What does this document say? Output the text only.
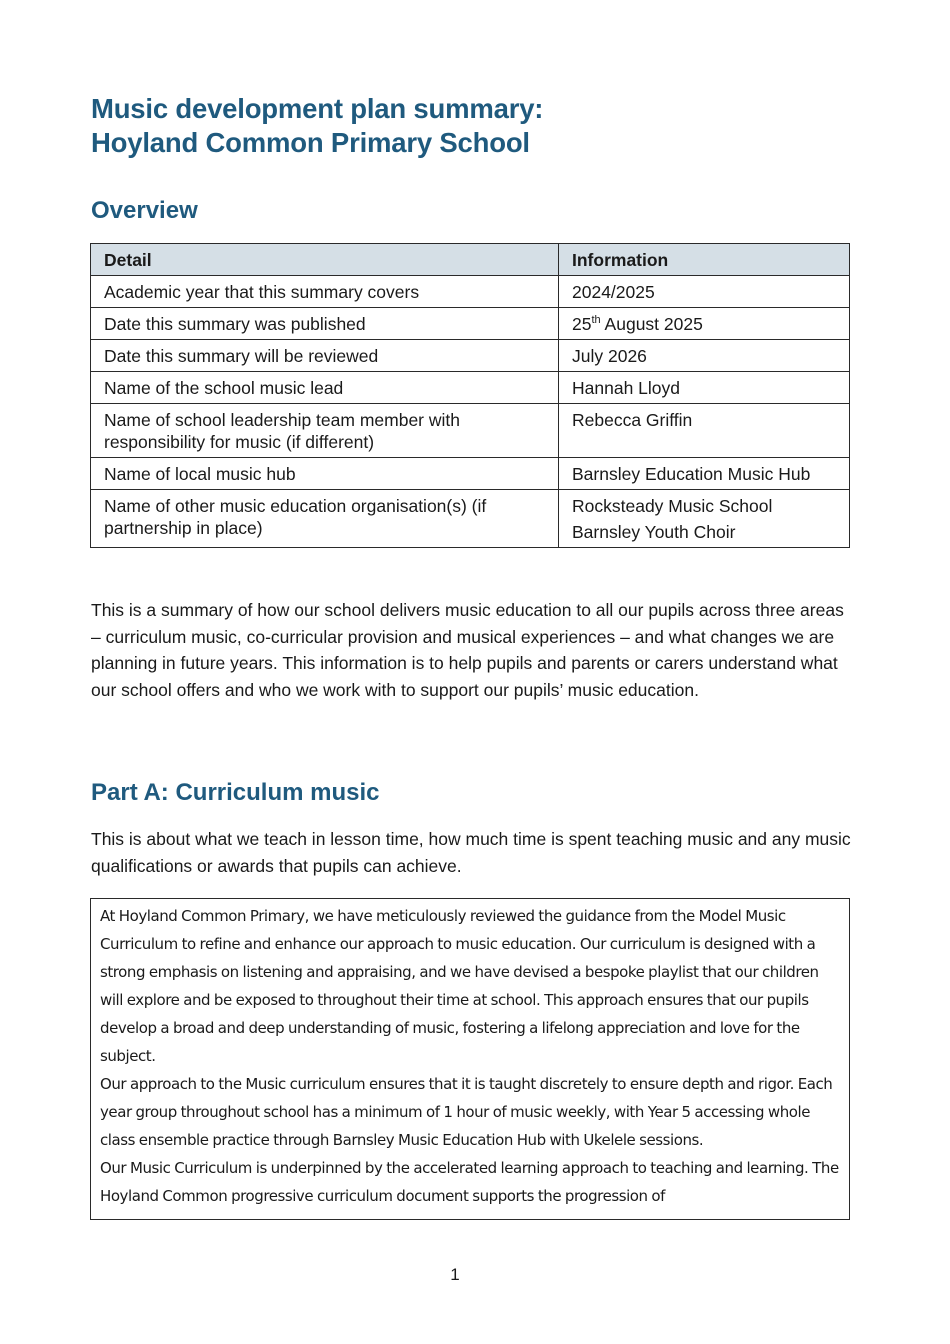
Music development plan summary:
Hoyland Common Primary School
Overview
Detail	Information
Academic year that this summary covers	2024/2025
Date this summary was published	25th August 2025
Date this summary will be reviewed	July 2026
Name of the school music lead	Hannah Lloyd
Name of school leadership team member with responsibility for music (if different)	Rebecca Griffin
Name of local music hub	Barnsley Education Music Hub
Name of other music education organisation(s) (if partnership in place)	Rocksteady Music School
Barnsley Youth Choir

This is a summary of how our school delivers music education to all our pupils across three areas – curriculum music, co-curricular provision and musical experiences – and what changes we are planning in future years. This information is to help pupils and parents or carers understand what our school offers and who we work with to support our pupils’ music education.

Part A: Curriculum music

This is about what we teach in lesson time, how much time is spent teaching music and any music qualifications or awards that pupils can achieve.

At Hoyland Common Primary, we have meticulously reviewed the guidance from the Model Music Curriculum to refine and enhance our approach to music education. Our curriculum is designed with a strong emphasis on listening and appraising, and we have devised a bespoke playlist that our children will explore and be exposed to throughout their time at school. This approach ensures that our pupils develop a broad and deep understanding of music, fostering a lifelong appreciation and love for the subject.

Our approach to the Music curriculum ensures that it is taught discretely to ensure depth and rigor. Each year group throughout school has a minimum of 1 hour of music weekly, with Year 5 accessing whole class ensemble practice through Barnsley Music Education Hub with Ukelele sessions.

Our Music Curriculum is underpinned by the accelerated learning approach to teaching and learning. The Hoyland Common progressive curriculum document supports the progression of

1
